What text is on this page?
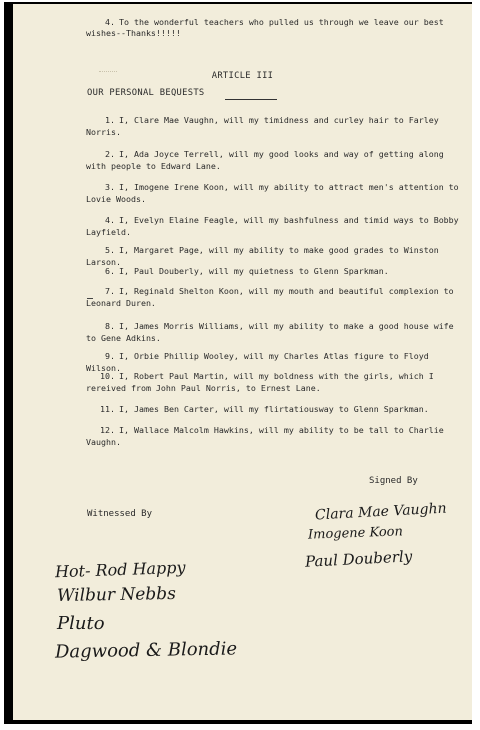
4. To the wonderful teachers who pulled us through we leave our best wishes--Thanks!!!!!
ARTICLE III
OUR PERSONAL BEQUESTS
1. I, Clare Mae Vaughn, will my timidness and curley hair to Farley Norris.
2. I, Ada Joyce Terrell, will my good looks and way of getting along with people to Edward Lane.
3. I, Imogene Irene Koon, will my ability to attract men's attention to Lovie Woods.
4. I, Evelyn Elaine Feagle, will my bashfulness and timid ways to Bobby Layfield.
5. I, Margaret Page, will my ability to make good grades to Winston Larson.
6. I, Paul Douberly, will my quietness to Glenn Sparkman.
7. I, Reginald Shelton Koon, will my mouth and beautiful complexion to Leonard Duren.
8. I, James Morris Williams, will my ability to make a good house wife to Gene Adkins.
9. I, Orbie Phillip Wooley, will my Charles Atlas figure to Floyd Wilson.
10. I, Robert Paul Martin, will my boldness with the girls, which I rereived from John Paul Norris, to Ernest Lane.
11. I, James Ben Carter, will my flirtatiousway to Glenn Sparkman.
12. I, Wallace Malcolm Hawkins, will my ability to be tall to Charlie Vaughn.
Signed By
Witnessed By	Clara Mae Vaughn
Imogene Koon
Paul Douberly
Hot- Rod Happy
Wilbur Nebbs
Pluto
Dagwood & Blondie
